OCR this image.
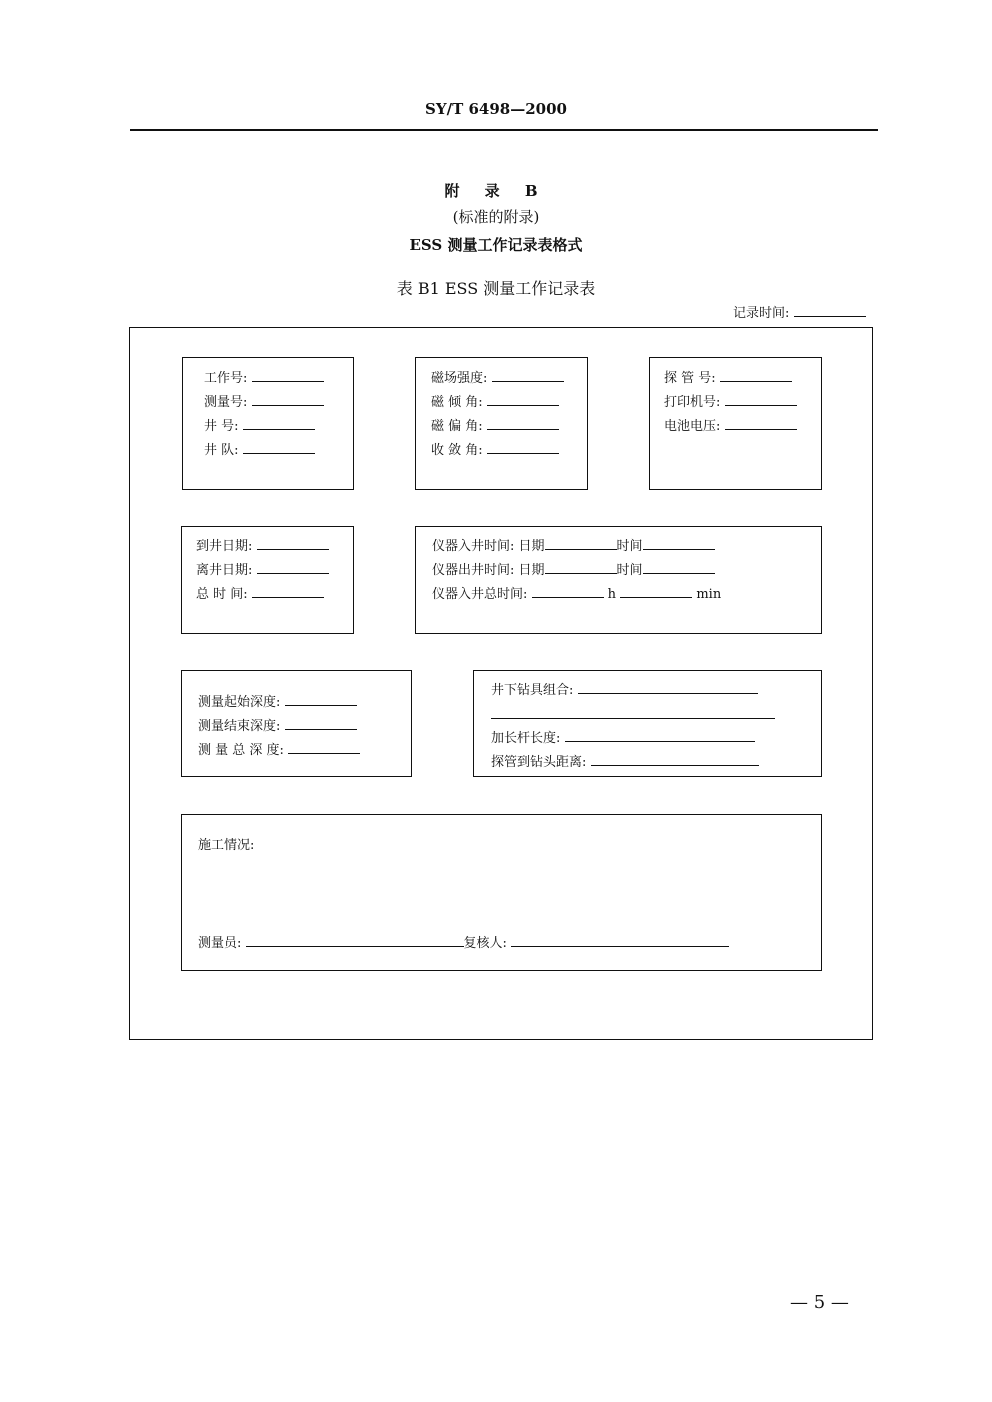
SY/T 6498—2000
附 录 B
(标准的附录)
ESS 测量工作记录表格式
表 B1 ESS 测量工作记录表
记录时间:
工作号:
测量号:
井 号:
井 队:
磁场强度:
磁 倾 角:
磁 偏 角:
收 敛 角:
探 管 号:
打印机号:
电池电压:
到井日期:
离井日期:
总 时 间:
仪器入井时间: 日期	时间
仪器出井时间: 日期	时间
仪器入井总时间:	h	min
测量起始深度:
测量结束深度:
测 量 总 深 度:
井下钻具组合:
加长杆长度:
探管到钻头距离:
施工情况:
测量员:	复核人:
— 5 —
